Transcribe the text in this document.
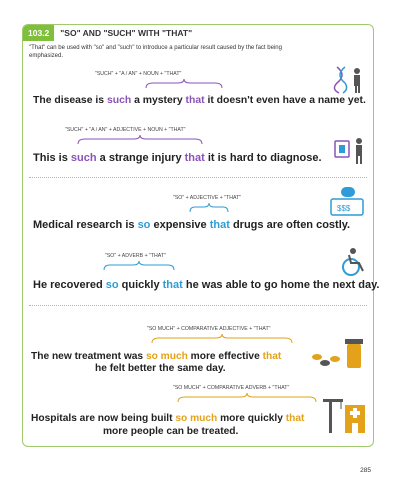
103.2	"SO" AND "SUCH" WITH "THAT"
"That" can be used with "so" and "such" to introduce a particular result caused by the fact being emphasized.
"SUCH" + "A / AN" + NOUN + "THAT"
The disease is such a mystery that it doesn't even have a name yet.
"SUCH" + "A / AN" + ADJECTIVE + NOUN + "THAT"
This is such a strange injury that it is hard to diagnose.
"SO" + ADJECTIVE + "THAT"
Medical research is so expensive that drugs are often costly.
$$$
"SO" + ADVERB + "THAT"
He recovered so quickly that he was able to go home the next day.
"SO MUCH" + COMPARATIVE ADJECTIVE + "THAT"
The new treatment was so much more effective that
he felt better the same day.
"SO MUCH" + COMPARATIVE ADVERB + "THAT"
Hospitals are now being built so much more quickly that
more people can be treated.
285
